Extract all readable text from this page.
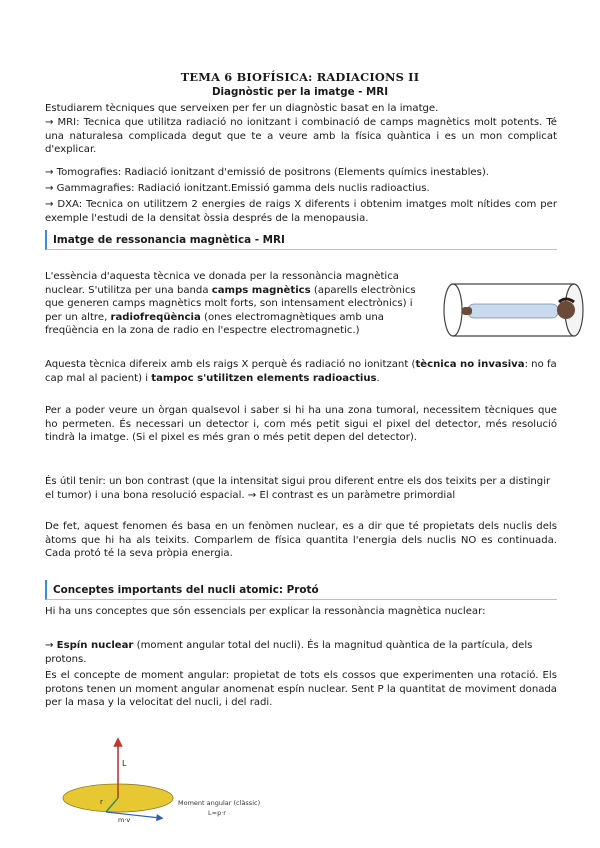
TEMA 6 BIOFÍSICA: RADIACIONS II
Diagnòstic per la imatge - MRI

Estudiarem tècniques que serveixen per fer un diagnòstic basat en la imatge.

→ MRI: Tecnica que utilitza radiació no ionitzant i combinació de camps magnètics molt potents. Té una naturalesa complicada degut que te a veure amb la física quàntica i es un mon complicat d'explicar.

→ Tomografies: Radiació ionitzant d'emissió de positrons (Elements químics inestables).

→ Gammagrafies: Radiació ionitzant.Emissió gamma dels nuclis radioactius.

→ DXA: Tecnica on utilitzem 2 energies de raigs X diferents i obtenim imatges molt nítides com per exemple l'estudi de la densitat òssia després de la menopausia.

Imatge de ressonancia magnètica - MRI

L'essència d'aquesta tècnica ve donada per la ressonància magnètica nuclear. S'utilitza per una banda camps magnètics (aparells electrònics que generen camps magnètics molt forts, son intensament electrònics) i per un altre, radiofreqüència (ones electromagnètiques amb una freqüència en la zona de radio en l'espectre electromagnetic.)

Aquesta tècnica difereix amb els raigs X perquè és radiació no ionitzant (tècnica no invasiva: no fa cap mal al pacient) i tampoc s'utilitzen elements radioactius.

Per a poder veure un òrgan qualsevol i saber si hi ha una zona tumoral, necessitem tècniques que ho permeten. És necessari un detector i, com més petit sigui el pixel del detector, més resolució tindrà la imatge. (Si el pixel es més gran o més petit depen del detector).

És útil tenir: un bon contrast (que la intensitat sigui prou diferent entre els dos teixits per a distingir el tumor) i una bona resolució espacial. → El contrast es un paràmetre primordial

De fet, aquest fenomen és basa en un fenòmen nuclear, es a dir que té propietats dels nuclis dels àtoms que hi ha als teixits. Comparlem de física quantita l'energia dels nuclis NO es continuada. Cada protó té la seva pròpia energia.

Conceptes importants del nucli atomic: Protó

Hi ha uns conceptes que són essencials per explicar la ressonància magnètica nuclear:

→ Espín nuclear (moment angular total del nucli). És la magnitud quàntica de la partícula, dels protons.

Es el concepte de moment angular: propietat de tots els cossos que experimenten una rotació. Els protons tenen un moment angular anomenat espín nuclear. Sent P la quantitat de moviment donada per la masa y la velocitat del nucli, i del radi.

L
r
m·v
Moment angular (clàssic)
L=p·r
